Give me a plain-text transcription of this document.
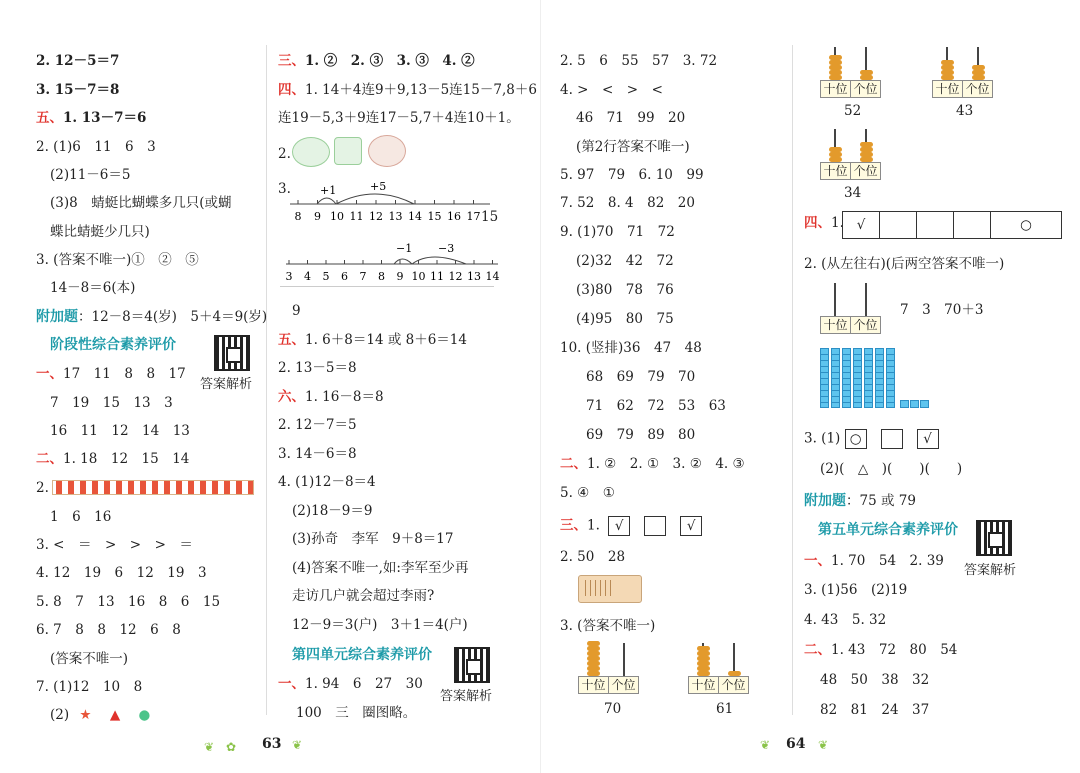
2. 12－5＝7
3. 15－7＝8
五、1. 13－7＝6
2. (1)6　11　6　3
(2)11－6＝5
(3)8　蜻蜓比蝴蝶多几只(或蝴
蝶比蜻蜓少几只)
3. (答案不唯一)①　②　⑤
14－8＝6(本)
附加题：12－8＝4(岁)　5＋4＝9(岁)
阶段性综合素养评价
答案解析
一、17　11　8　8　17
7　19　15　13　3
16　11　12　14　13
二、1. 18　12　15　14
2.
1　6　16
3. <　＝　>　>　>　＝
4. 12　19　6　12　19　3
5. 8　7　13　16　8　6　15
6. 7　8　8　12　6　8
(答案不唯一)
7. (1)12　10　8
(2) ★ ▲ ●
三、1. ②　2. ③　3. ③　4. ②
四、1. 14＋4连9＋9,13－5连15－7,8＋6
连19－5,3＋9连17－5,7＋4连10＋1。
2.
3.	+1	+5
8 9 10 11 12 13 14 15 16 17 15
−1 −3
3 4 5 6 7 8 9 10 11 12 13 14
9
五、1. 6＋8＝14 或 8＋6＝14
2. 13－5＝8
六、1. 16－8＝8
2. 12－7＝5
3. 14－6＝8
4. (1)12－8＝4
(2)18－9＝9
(3)孙奇　李军　9＋8＝17
(4)答案不唯一,如:李军至少再
走访几户就会超过李雨?
12－9＝3(户)　3＋1＝4(户)
第四单元综合素养评价
答案解析
一、1. 94　6　27　30
100　三　圈图略。
2. 5　6　55　57　3. 72
4. >　<　>　<
46　71　99　20
(第2行答案不唯一)
5. 97　79　6. 10　99
7. 52　8. 4　82　20
9. (1)70　71　72
(2)32　42　72
(3)80　78　76
(4)95　80　75
10. (竖排)36　47　48
68　69　79　70
71　62　72　53　63
69　79　89　80
二、1. ②　2. ①　3. ②　4. ③
5. ④　①
三、1. √	√
2. 50　28
3. (答案不唯一)
十位 个位
70
十位 个位
61
十位 个位
52
十位 个位
43
十位 个位
34
四、1. √	○
2. (从左往右)(后两空答案不唯一)
十位 个位
7　3　70＋3
3. (1) ○	√
(2)(　△　)(　　)(　　)
附加题：75 或 79
第五单元综合素养评价
答案解析
一、1. 70　54　2. 39
3. (1)56　(2)19
4. 43　5. 32
二、1. 43　72　80　54
48　50　38　32
82　81　24　37
❦　✿ 63 ❦	❦ 64 ❦
